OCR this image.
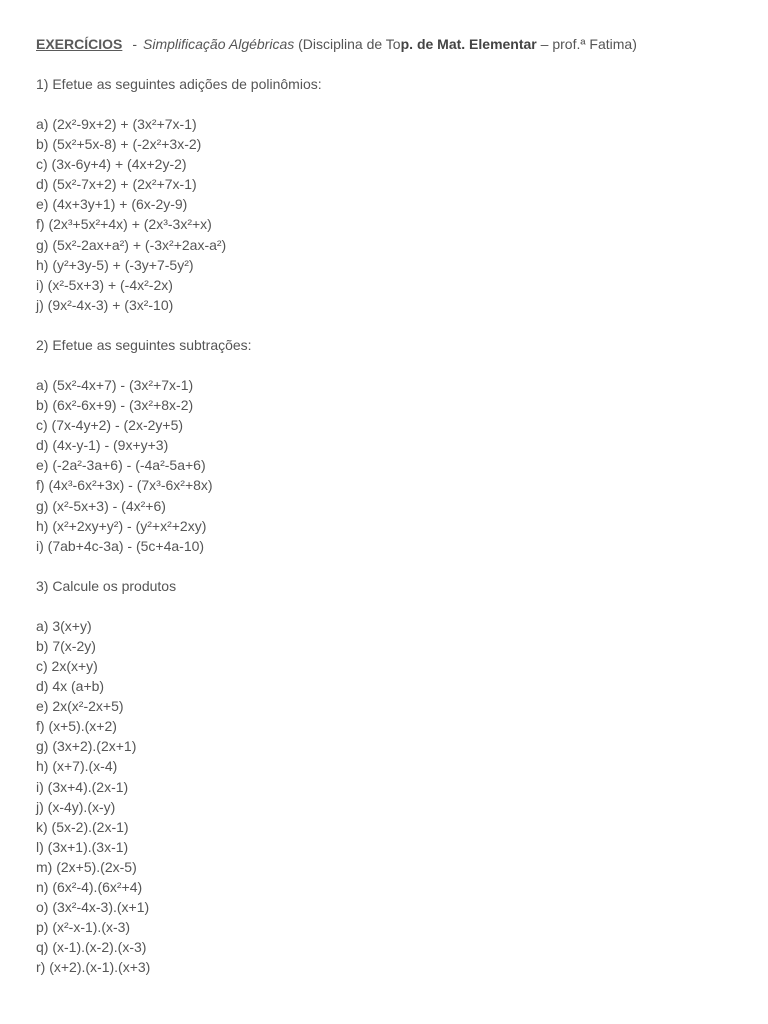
EXERCÍCIOS - Simplificação Algébricas (Disciplina de Top. de Mat. Elementar – prof.ª Fatima)
1) Efetue as seguintes adições de polinômios:
a) (2x²-9x+2) + (3x²+7x-1)
b) (5x²+5x-8) + (-2x²+3x-2)
c) (3x-6y+4) + (4x+2y-2)
d) (5x²-7x+2) + (2x²+7x-1)
e) (4x+3y+1) + (6x-2y-9)
f) (2x³+5x²+4x) + (2x³-3x²+x)
g) (5x²-2ax+a²) + (-3x²+2ax-a²)
h) (y²+3y-5) + (-3y+7-5y²)
i) (x²-5x+3) + (-4x²-2x)
j) (9x²-4x-3) + (3x²-10)
2) Efetue as seguintes subtrações:
a) (5x²-4x+7) - (3x²+7x-1)
b) (6x²-6x+9) - (3x²+8x-2)
c) (7x-4y+2) - (2x-2y+5)
d) (4x-y-1) - (9x+y+3)
e) (-2a²-3a+6) - (-4a²-5a+6)
f) (4x³-6x²+3x) - (7x³-6x²+8x)
g) (x²-5x+3) - (4x²+6)
h) (x²+2xy+y²) - (y²+x²+2xy)
i) (7ab+4c-3a) - (5c+4a-10)
3) Calcule os produtos
a) 3(x+y)
b) 7(x-2y)
c) 2x(x+y)
d) 4x (a+b)
e) 2x(x²-2x+5)
f) (x+5).(x+2)
g) (3x+2).(2x+1)
h) (x+7).(x-4)
i) (3x+4).(2x-1)
j) (x-4y).(x-y)
k) (5x-2).(2x-1)
l) (3x+1).(3x-1)
m) (2x+5).(2x-5)
n) (6x²-4).(6x²+4)
o) (3x²-4x-3).(x+1)
p) (x²-x-1).(x-3)
q) (x-1).(x-2).(x-3)
r) (x+2).(x-1).(x+3)
